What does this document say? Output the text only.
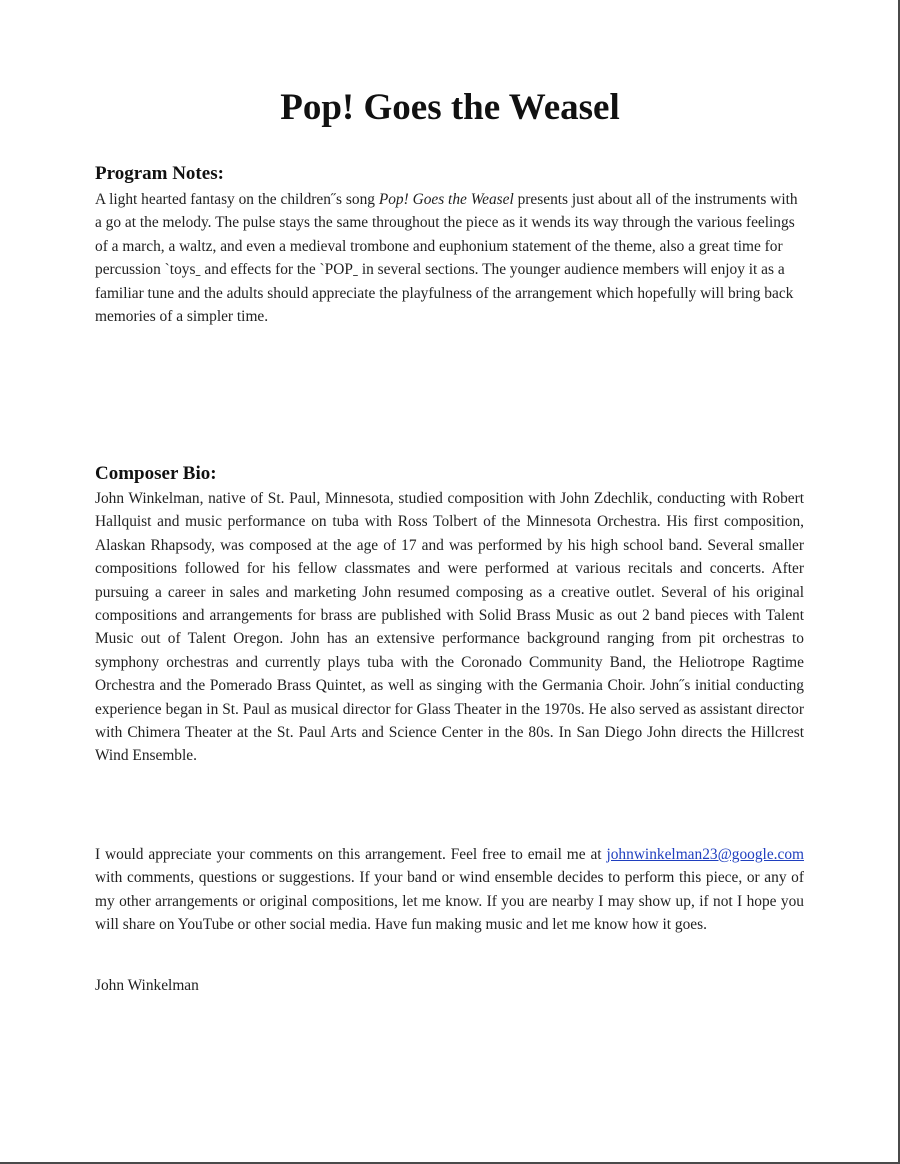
Pop! Goes the Weasel
Program Notes:
A light hearted fantasy on the children˝s song Pop! Goes the Weasel presents just about all of the instruments with a go at the melody. The pulse stays the same throughout the piece as it wends its way through the various feelings of a march, a waltz, and even a medieval trombone and euphonium statement of the theme, also a great time for percussion ˋtoysˍ and effects for the ˋPOPˍ in several sections. The younger audience members will enjoy it as a familiar tune and the adults should appreciate the playfulness of the arrangement which hopefully will bring back memories of a simpler time.
Composer Bio:
John Winkelman, native of St. Paul, Minnesota, studied composition with John Zdechlik, conducting with Robert Hallquist and music performance on tuba with Ross Tolbert of the Minnesota Orchestra. His first composition, Alaskan Rhapsody, was composed at the age of 17 and was performed by his high school band. Several smaller compositions followed for his fellow classmates and were performed at various recitals and concerts. After pursuing a career in sales and marketing John resumed composing as a creative outlet. Several of his original compositions and arrangements for brass are published with Solid Brass Music as out 2 band pieces with Talent Music out of Talent Oregon. John has an extensive performance background ranging from pit orchestras to symphony orchestras and currently plays tuba with the Coronado Community Band, the Heliotrope Ragtime Orchestra and the Pomerado Brass Quintet, as well as singing with the Germania Choir. John˝s initial conducting experience began in St. Paul as musical director for Glass Theater in the 1970s. He also served as assistant director with Chimera Theater at the St. Paul Arts and Science Center in the 80s. In San Diego John directs the Hillcrest Wind Ensemble.
I would appreciate your comments on this arrangement. Feel free to email me at johnwinkelman23@google.com with comments, questions or suggestions. If your band or wind ensemble decides to perform this piece, or any of my other arrangements or original compositions, let me know. If you are nearby I may show up, if not I hope you will share on YouTube or other social media. Have fun making music and let me know how it goes.
John Winkelman
